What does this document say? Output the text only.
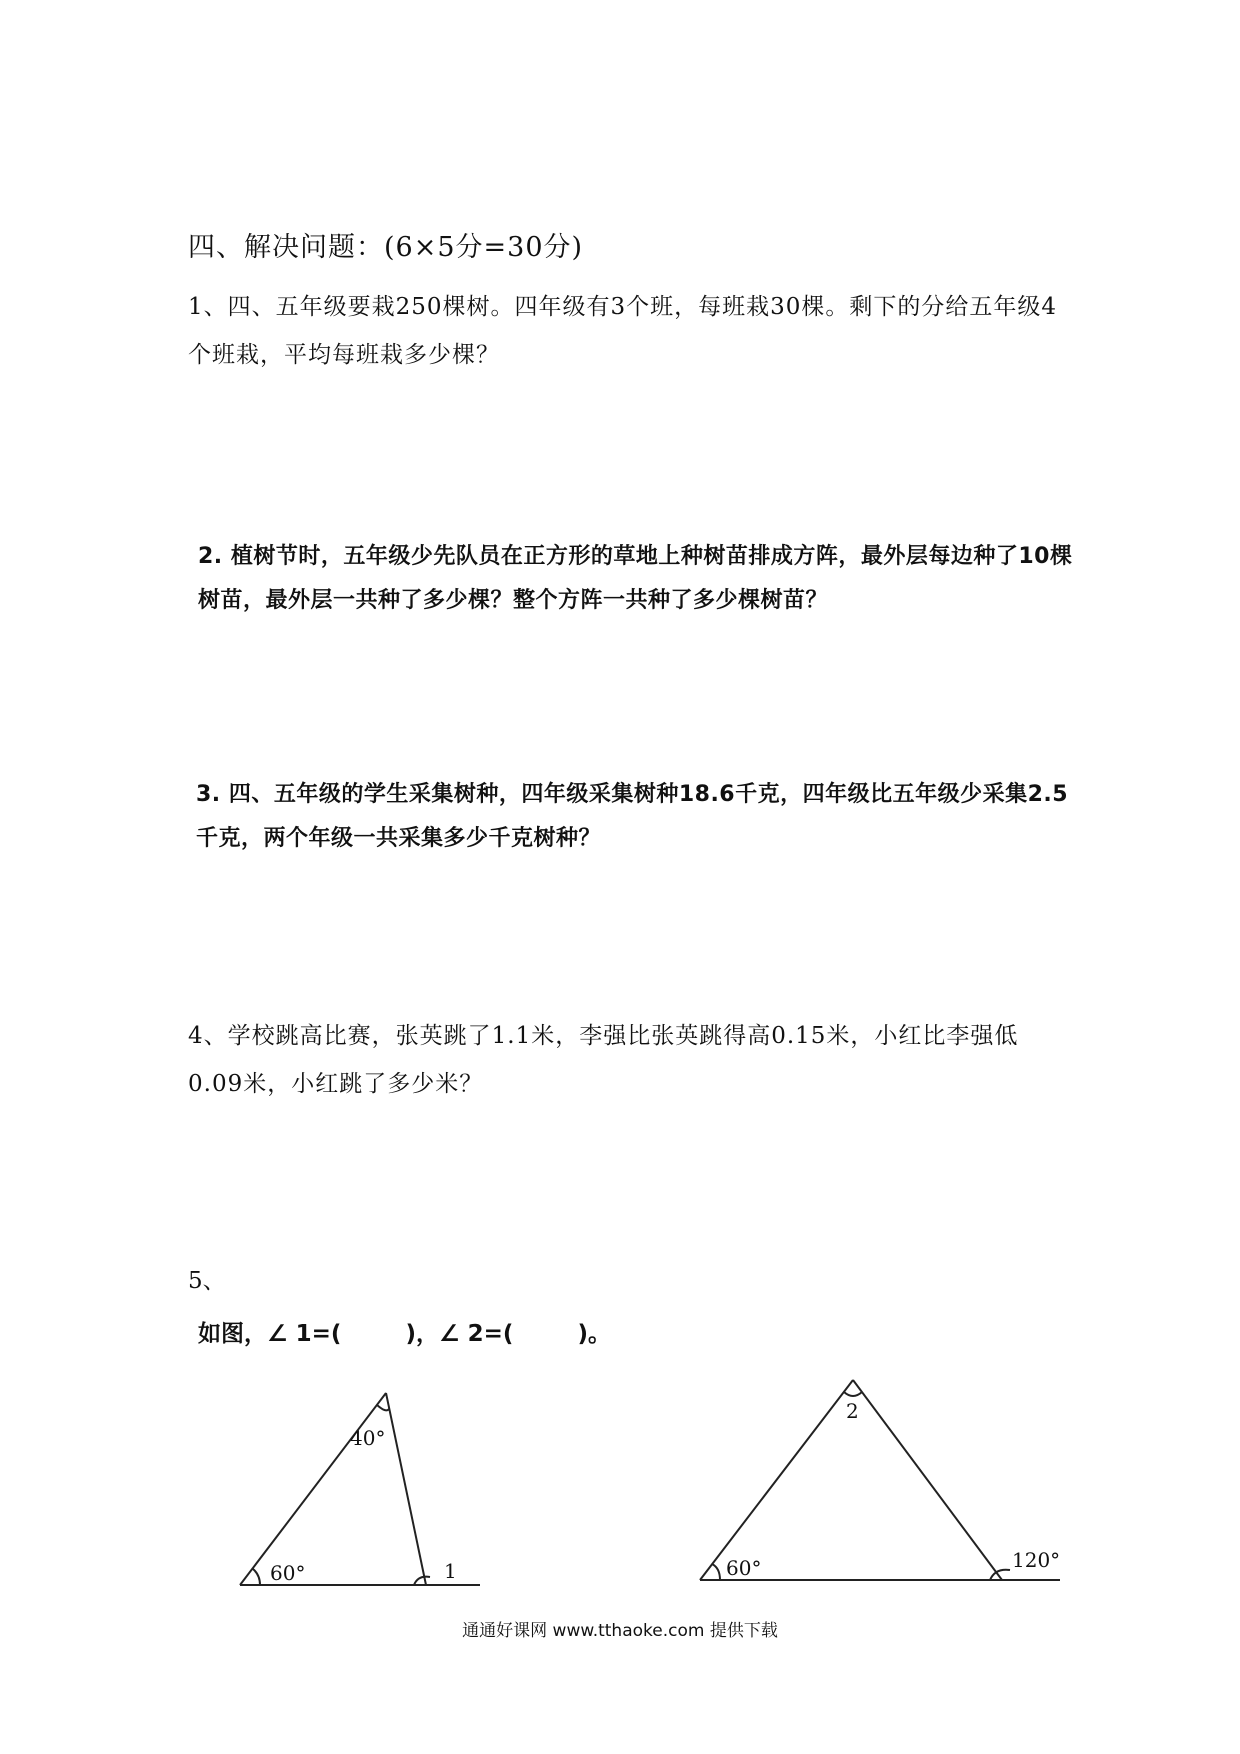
四、解决问题：(6×5分=30分)
1、四、五年级要栽250棵树。四年级有3个班，每班栽30棵。剩下的分给五年级4个班栽，平均每班栽多少棵？
2. 植树节时，五年级少先队员在正方形的草地上种树苗排成方阵，最外层每边种了10棵树苗，最外层一共种了多少棵？整个方阵一共种了多少棵树苗？
3. 四、五年级的学生采集树种，四年级采集树种18.6千克，四年级比五年级少采集2.5千克，两个年级一共采集多少千克树种？
4、学校跳高比赛，张英跳了1.1米，李强比张英跳得高0.15米，小红比李强低0.09米，小红跳了多少米？
5、
如图，∠ 1=(        )，∠ 2=(        )。
40°
60°	1
2
60°	120°
通通好课网 www.tthaoke.com 提供下载
